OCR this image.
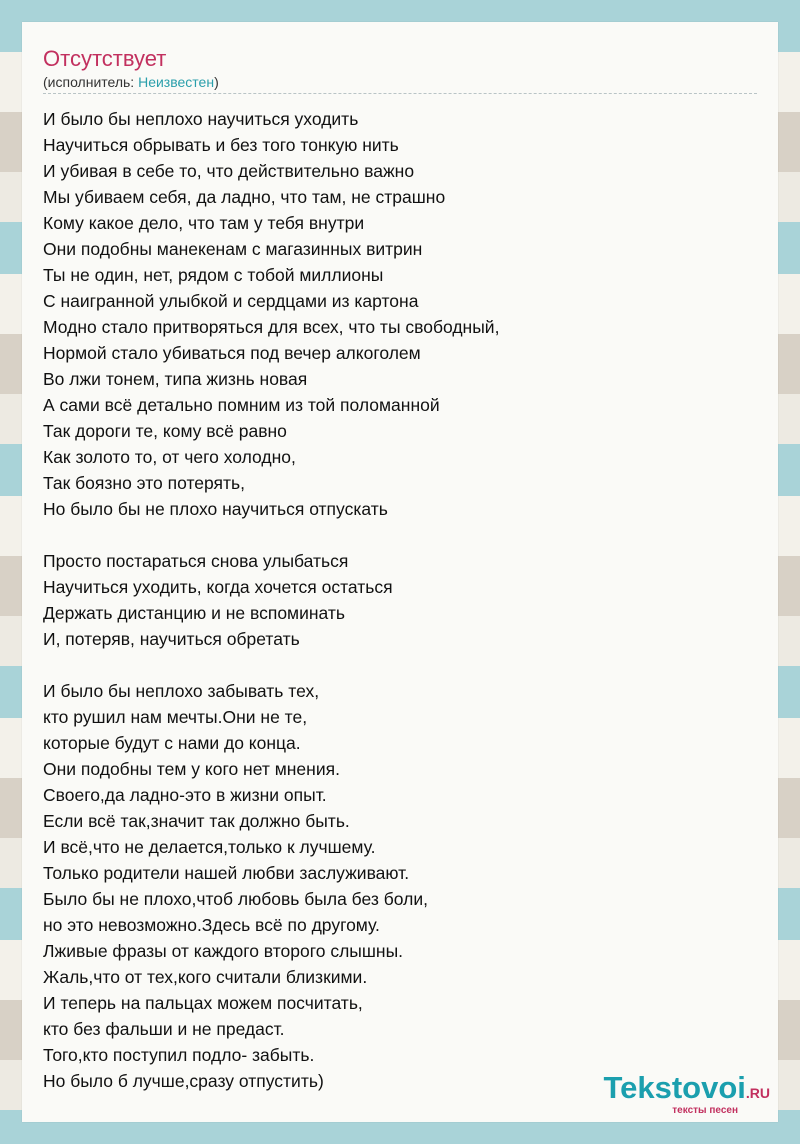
Отсутствует
(исполнитель: Неизвестен)
И было бы неплохо научиться уходить
Научиться обрывать и без того тонкую нить
И убивая в себе то, что действительно важно
Мы убиваем себя, да ладно, что там, не страшно
Кому какое дело, что там у тебя внутри
Они подобны манекенам с магазинных витрин
Ты не один, нет, рядом с тобой миллионы
С наигранной улыбкой и сердцами из картона
Модно стало притворяться для всех, что ты свободный,
Нормой стало убиваться под вечер алкоголем
Во лжи тонем, типа жизнь новая
А сами всё детально помним из той поломанной
Так дороги те, кому всё равно
Как золото то, от чего холодно,
Так боязно это потерять,
Но было бы не плохо научиться отпускать
Просто постараться снова улыбаться
Научиться уходить, когда хочется остаться
Держать дистанцию и не вспоминать
И, потеряв, научиться обретать
И было бы неплохо забывать тех,
кто рушил нам мечты.Они не те,
которые будут с нами до конца.
Они подобны тем у кого нет мнения.
Своего,да ладно-это в жизни опыт.
Если всё так,значит так должно быть.
И всё,что не делается,только к лучшему.
Только родители нашей любви заслуживают.
Было бы не плохо,чтоб любовь была без боли,
но это невозможно.Здесь всё по другому.
Лживые фразы от каждого второго слышны.
Жаль,что от тех,кого считали близкими.
И теперь на пальцах можем посчитать,
кто без фальши и не предаст.
Того,кто поступил подло- забыть.
Но было б лучше,сразу отпустить)	Tekstovoi.RU
тексты песен
